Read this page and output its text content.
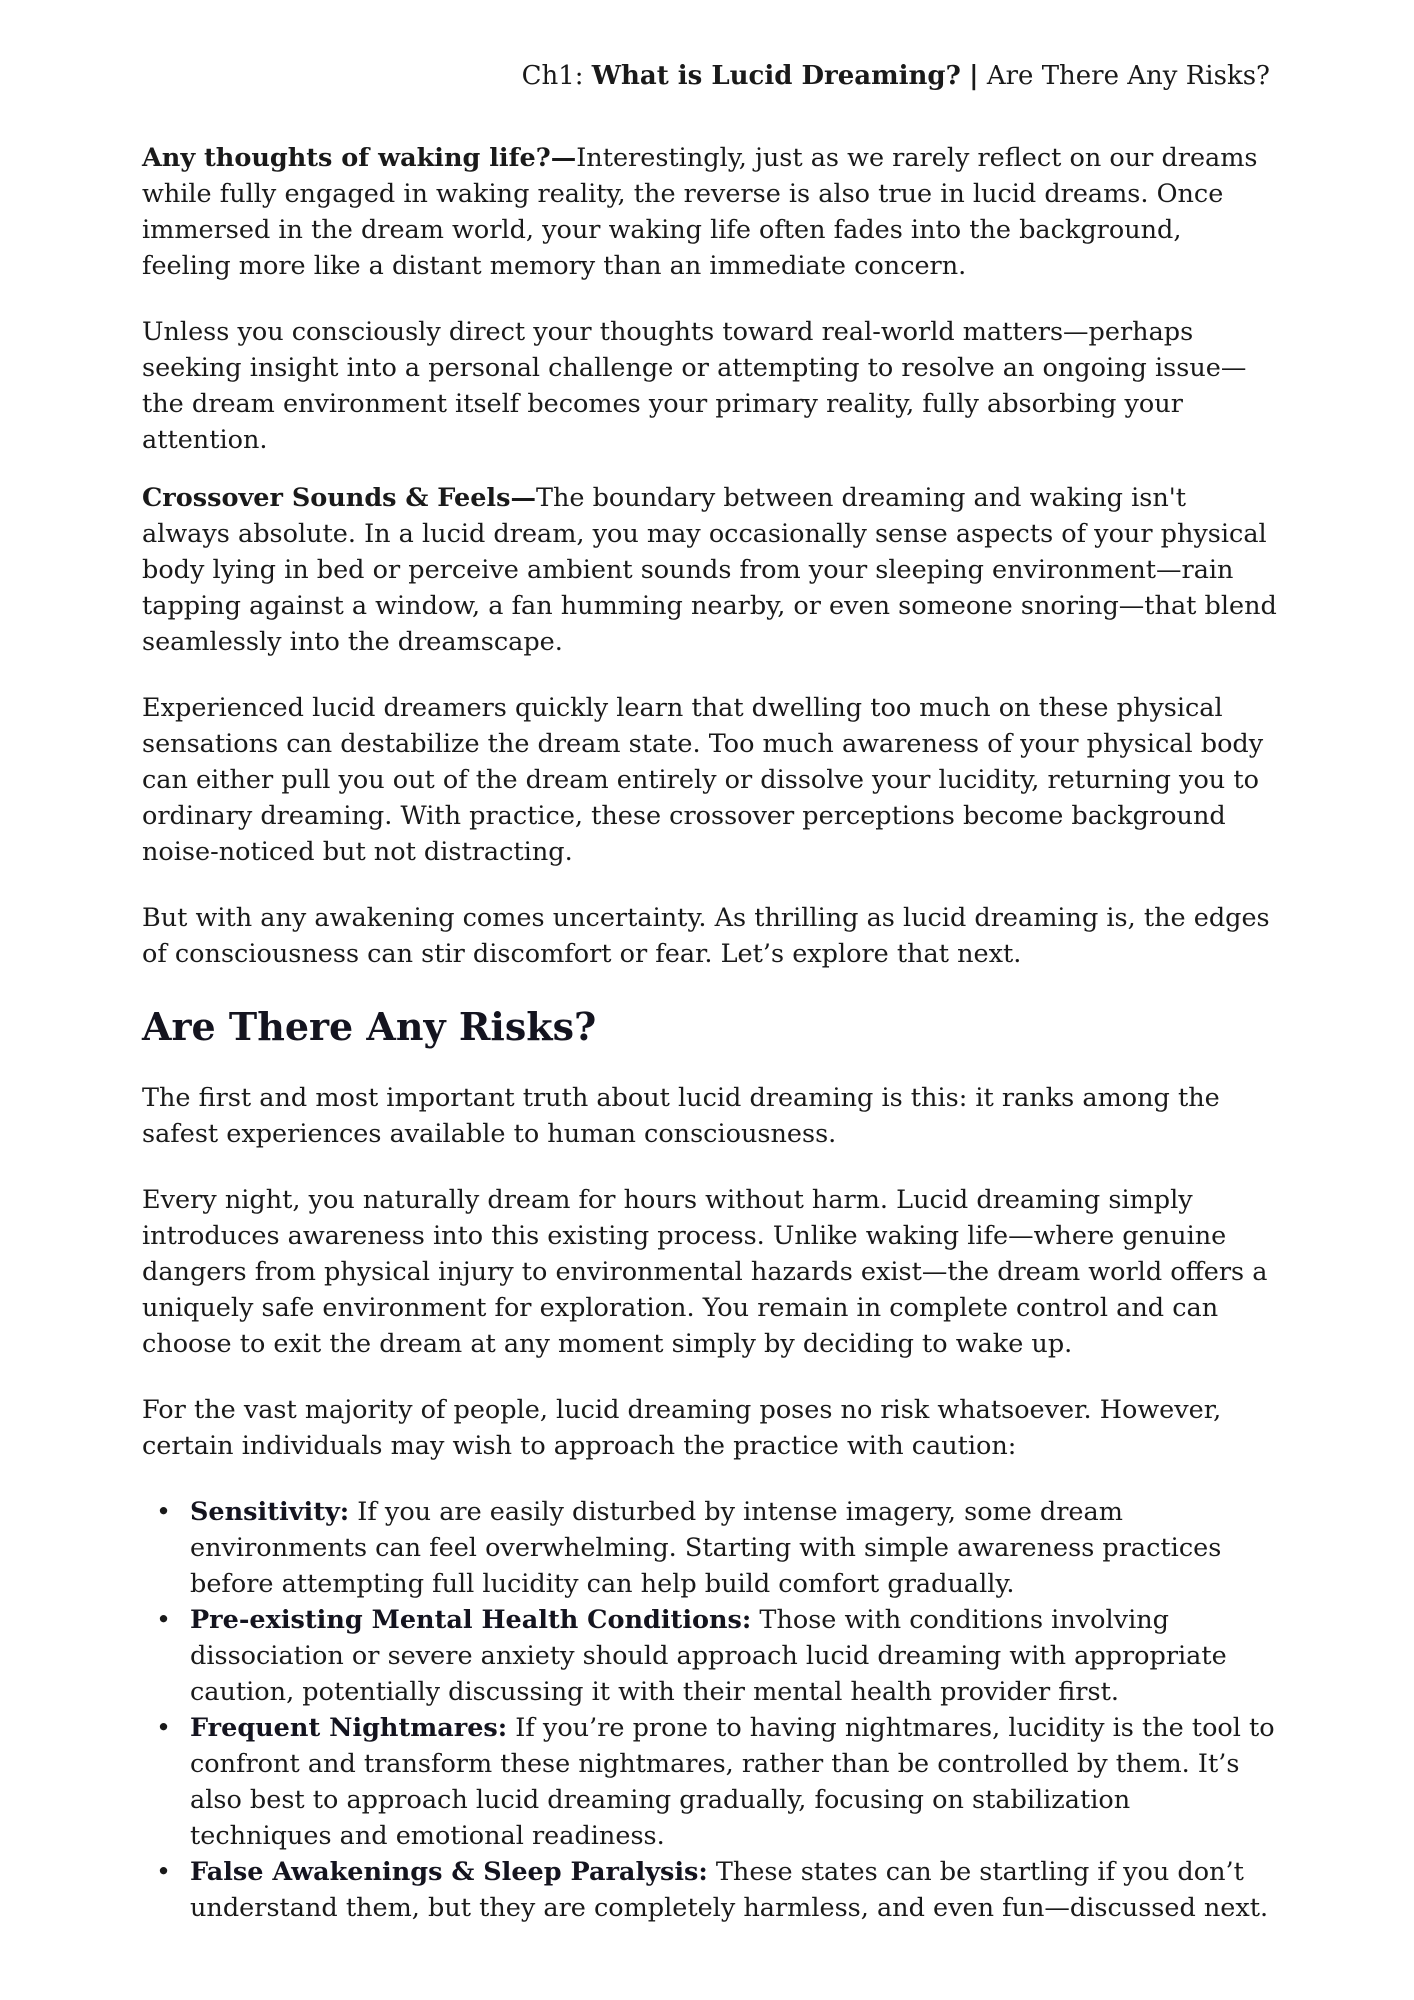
Ch1: What is Lucid Dreaming? | Are There Any Risks?

Any thoughts of waking life?—Interestingly, just as we rarely reflect on our dreams while fully engaged in waking reality, the reverse is also true in lucid dreams. Once immersed in the dream world, your waking life often fades into the background, feeling more like a distant memory than an immediate concern.

Unless you consciously direct your thoughts toward real-world matters—perhaps seeking insight into a personal challenge or attempting to resolve an ongoing issue—the dream environment itself becomes your primary reality, fully absorbing your attention.

Crossover Sounds & Feels—The boundary between dreaming and waking isn't always absolute. In a lucid dream, you may occasionally sense aspects of your physical body lying in bed or perceive ambient sounds from your sleeping environment—rain tapping against a window, a fan humming nearby, or even someone snoring—that blend seamlessly into the dreamscape.

Experienced lucid dreamers quickly learn that dwelling too much on these physical sensations can destabilize the dream state. Too much awareness of your physical body can either pull you out of the dream entirely or dissolve your lucidity, returning you to ordinary dreaming. With practice, these crossover perceptions become background noise-noticed but not distracting.

But with any awakening comes uncertainty. As thrilling as lucid dreaming is, the edges of consciousness can stir discomfort or fear. Let’s explore that next.

Are There Any Risks?

The first and most important truth about lucid dreaming is this: it ranks among the safest experiences available to human consciousness.

Every night, you naturally dream for hours without harm. Lucid dreaming simply introduces awareness into this existing process. Unlike waking life—where genuine dangers from physical injury to environmental hazards exist—the dream world offers a uniquely safe environment for exploration. You remain in complete control and can choose to exit the dream at any moment simply by deciding to wake up.

For the vast majority of people, lucid dreaming poses no risk whatsoever. However, certain individuals may wish to approach the practice with caution:

• Sensitivity: If you are easily disturbed by intense imagery, some dream environments can feel overwhelming. Starting with simple awareness practices before attempting full lucidity can help build comfort gradually.
• Pre-existing Mental Health Conditions: Those with conditions involving dissociation or severe anxiety should approach lucid dreaming with appropriate caution, potentially discussing it with their mental health provider first.
• Frequent Nightmares: If you’re prone to having nightmares, lucidity is the tool to confront and transform these nightmares, rather than be controlled by them. It’s also best to approach lucid dreaming gradually, focusing on stabilization techniques and emotional readiness.
• False Awakenings & Sleep Paralysis: These states can be startling if you don’t understand them, but they are completely harmless, and even fun—discussed next.
